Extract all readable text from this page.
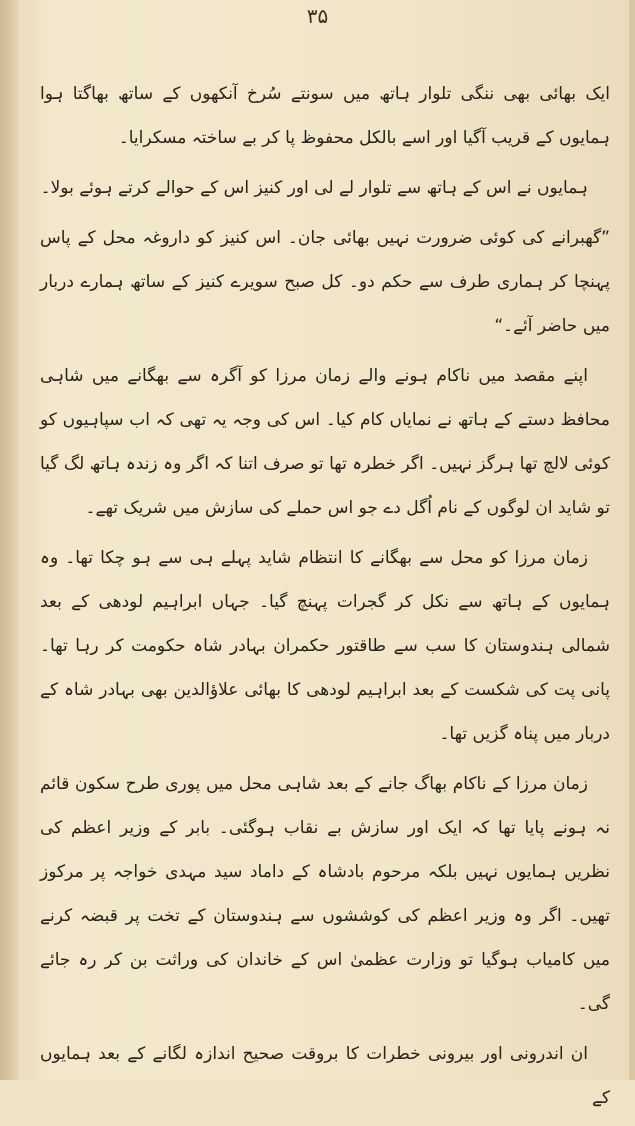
۳۵

ایک بھائی بھی ننگی تلوار ہاتھ میں سونتے سُرخ آنکھوں کے ساتھ بھاگتا ہوا ہمایوں کے قریب آگیا اور اسے بالکل محفوظ پا کر بے ساختہ مسکرایا۔

ہمایوں نے اس کے ہاتھ سے تلوار لے لی اور کنیز اس کے حوالے کرتے ہوئے بولا۔

”گھبرانے کی کوئی ضرورت نہیں بھائی جان۔ اس کنیز کو داروغہ محل کے پاس پہنچا کر ہماری طرف سے حکم دو۔ کل صبح سویرے کنیز کے ساتھ ہمارے دربار میں حاضر آئے۔“

اپنے مقصد میں ناکام ہونے والے زمان مرزا کو آگرہ سے بھگانے میں شاہی محافظ دستے کے ہاتھ نے نمایاں کام کیا۔ اس کی وجہ یہ تھی کہ اب سپاہیوں کو کوئی لالچ تھا ہرگز نہیں۔ اگر خطرہ تھا تو صرف اتنا کہ اگر وہ زندہ ہاتھ لگ گیا تو شاید ان لوگوں کے نام اُگل دے جو اس حملے کی سازش میں شریک تھے۔

زمان مرزا کو محل سے بھگانے کا انتظام شاید پہلے ہی سے ہو چکا تھا۔ وہ ہمایوں کے ہاتھ سے نکل کر گجرات پہنچ گیا۔ جہاں ابراہیم لودھی کے بعد شمالی ہندوستان کا سب سے طاقتور حکمران بہادر شاہ حکومت کر رہا تھا۔ پانی پت کی شکست کے بعد ابراہیم لودھی کا بھائی علاؤالدین بھی بہادر شاہ کے دربار میں پناہ گزیں تھا۔

زمان مرزا کے ناکام بھاگ جانے کے بعد شاہی محل میں پوری طرح سکون قائم نہ ہونے پایا تھا کہ ایک اور سازش بے نقاب ہوگئی۔ بابر کے وزیر اعظم کی نظریں ہمایوں نہیں بلکہ مرحوم بادشاہ کے داماد سید مہدی خواجہ پر مرکوز تھیں۔ اگر وہ وزیر اعظم کی کوششوں سے ہندوستان کے تخت پر قبضہ کرنے میں کامیاب ہوگیا تو وزارت عظمیٰ اس کے خاندان کی وراثت بن کر رہ جائے گی۔

ان اندرونی اور بیرونی خطرات کا بروقت صحیح اندازہ لگانے کے بعد ہمایوں کے
